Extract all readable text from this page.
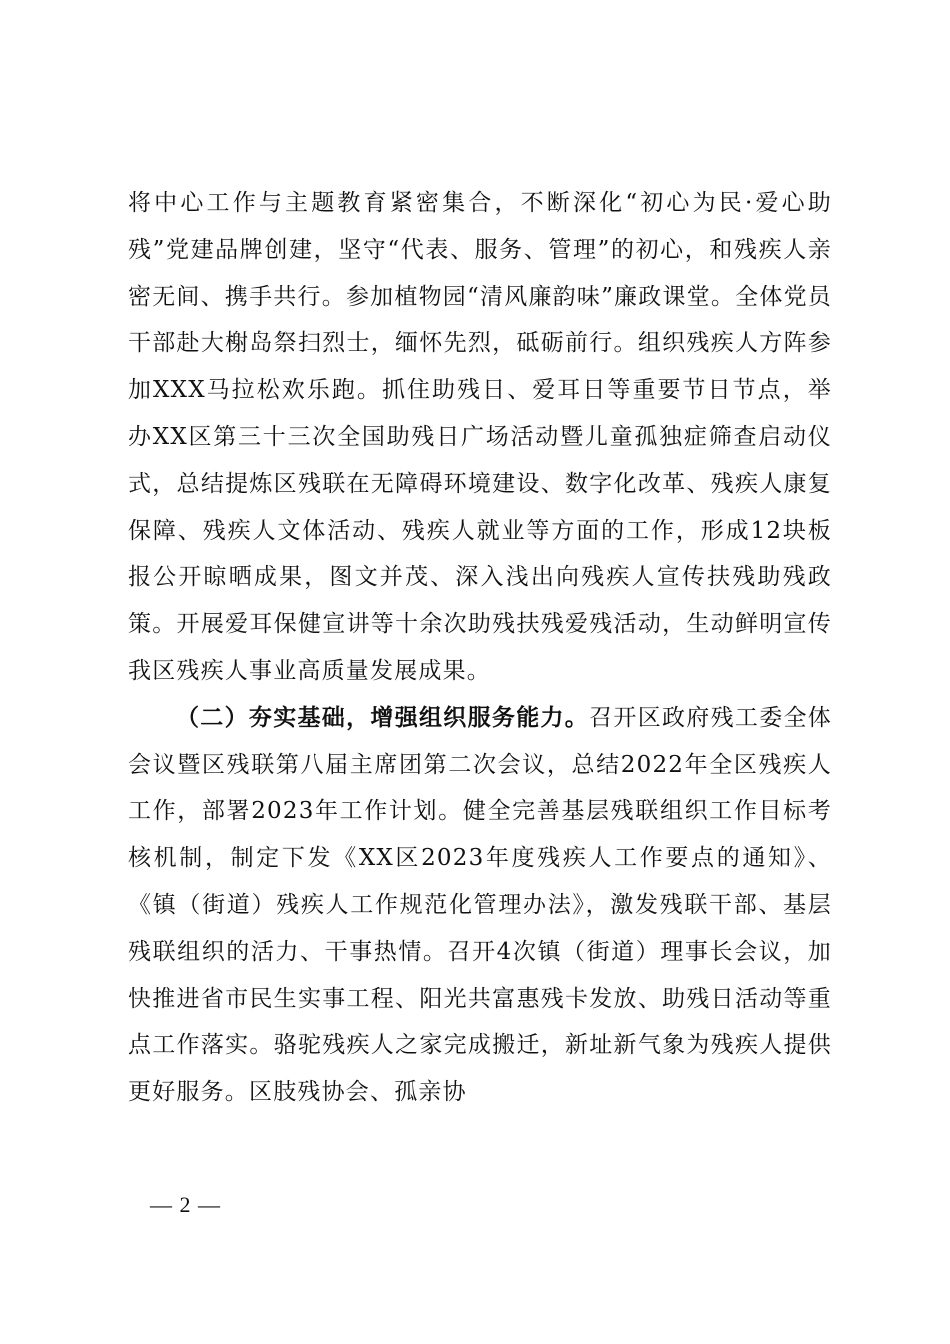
将中心工作与主题教育紧密集合，不断深化“初心为民·爱心助残”党建品牌创建，坚守“代表、服务、管理”的初心，和残疾人亲密无间、携手共行。参加植物园“清风廉韵味”廉政课堂。全体党员干部赴大榭岛祭扫烈士，缅怀先烈，砥砺前行。组织残疾人方阵参加XXX马拉松欢乐跑。抓住助残日、爱耳日等重要节日节点，举办XX区第三十三次全国助残日广场活动暨儿童孤独症筛查启动仪式，总结提炼区残联在无障碍环境建设、数字化改革、残疾人康复保障、残疾人文体活动、残疾人就业等方面的工作，形成12块板报公开晾晒成果，图文并茂、深入浅出向残疾人宣传扶残助残政策。开展爱耳保健宣讲等十余次助残扶残爱残活动，生动鲜明宣传我区残疾人事业高质量发展成果。

（二）夯实基础，增强组织服务能力。召开区政府残工委全体会议暨区残联第八届主席团第二次会议，总结2022年全区残疾人工作，部署2023年工作计划。健全完善基层残联组织工作目标考核机制，制定下发《XX区2023年度残疾人工作要点的通知》、《镇（街道）残疾人工作规范化管理办法》，激发残联干部、基层残联组织的活力、干事热情。召开4次镇（街道）理事长会议，加快推进省市民生实事工程、阳光共富惠残卡发放、助残日活动等重点工作落实。骆驼残疾人之家完成搬迁，新址新气象为残疾人提供更好服务。区肢残协会、孤亲协

— 2 —
